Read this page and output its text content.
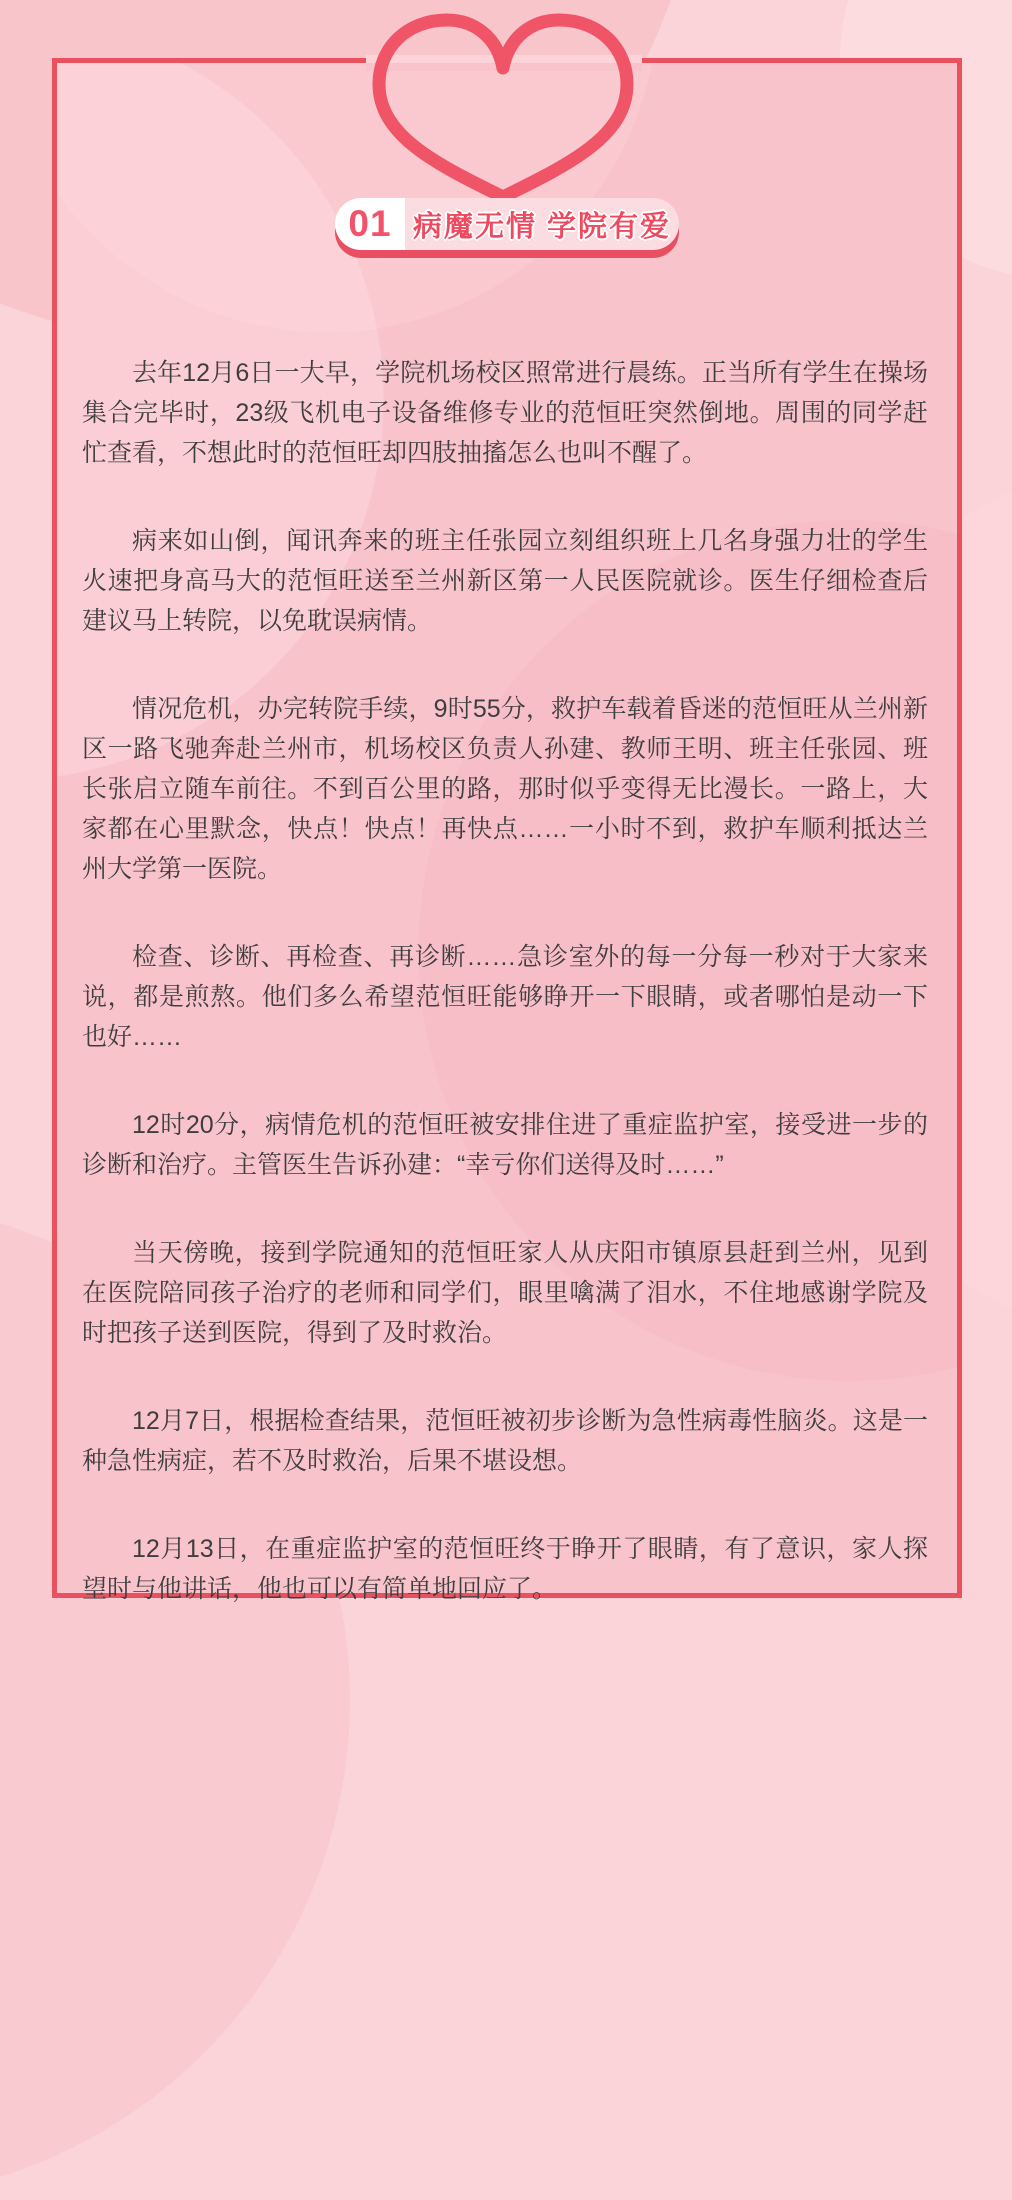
01 病魔无情 学院有爱

去年12月6日一大早，学院机场校区照常进行晨练。正当所有学生在操场集合完毕时，23级飞机电子设备维修专业的范恒旺突然倒地。周围的同学赶忙查看，不想此时的范恒旺却四肢抽搐怎么也叫不醒了。

病来如山倒，闻讯奔来的班主任张园立刻组织班上几名身强力壮的学生火速把身高马大的范恒旺送至兰州新区第一人民医院就诊。医生仔细检查后建议马上转院，以免耽误病情。

情况危机，办完转院手续，9时55分，救护车载着昏迷的范恒旺从兰州新区一路飞驰奔赴兰州市，机场校区负责人孙建、教师王明、班主任张园、班长张启立随车前往。不到百公里的路，那时似乎变得无比漫长。一路上，大家都在心里默念，快点！快点！再快点……一小时不到，救护车顺利抵达兰州大学第一医院。

检查、诊断、再检查、再诊断……急诊室外的每一分每一秒对于大家来说，都是煎熬。他们多么希望范恒旺能够睁开一下眼睛，或者哪怕是动一下也好……

12时20分，病情危机的范恒旺被安排住进了重症监护室，接受进一步的诊断和治疗。主管医生告诉孙建：“幸亏你们送得及时……”

当天傍晚，接到学院通知的范恒旺家人从庆阳市镇原县赶到兰州，见到在医院陪同孩子治疗的老师和同学们，眼里噙满了泪水，不住地感谢学院及时把孩子送到医院，得到了及时救治。

12月7日，根据检查结果，范恒旺被初步诊断为急性病毒性脑炎。这是一种急性病症，若不及时救治，后果不堪设想。

12月13日，在重症监护室的范恒旺终于睁开了眼睛，有了意识，家人探望时与他讲话，他也可以有简单地回应了。
